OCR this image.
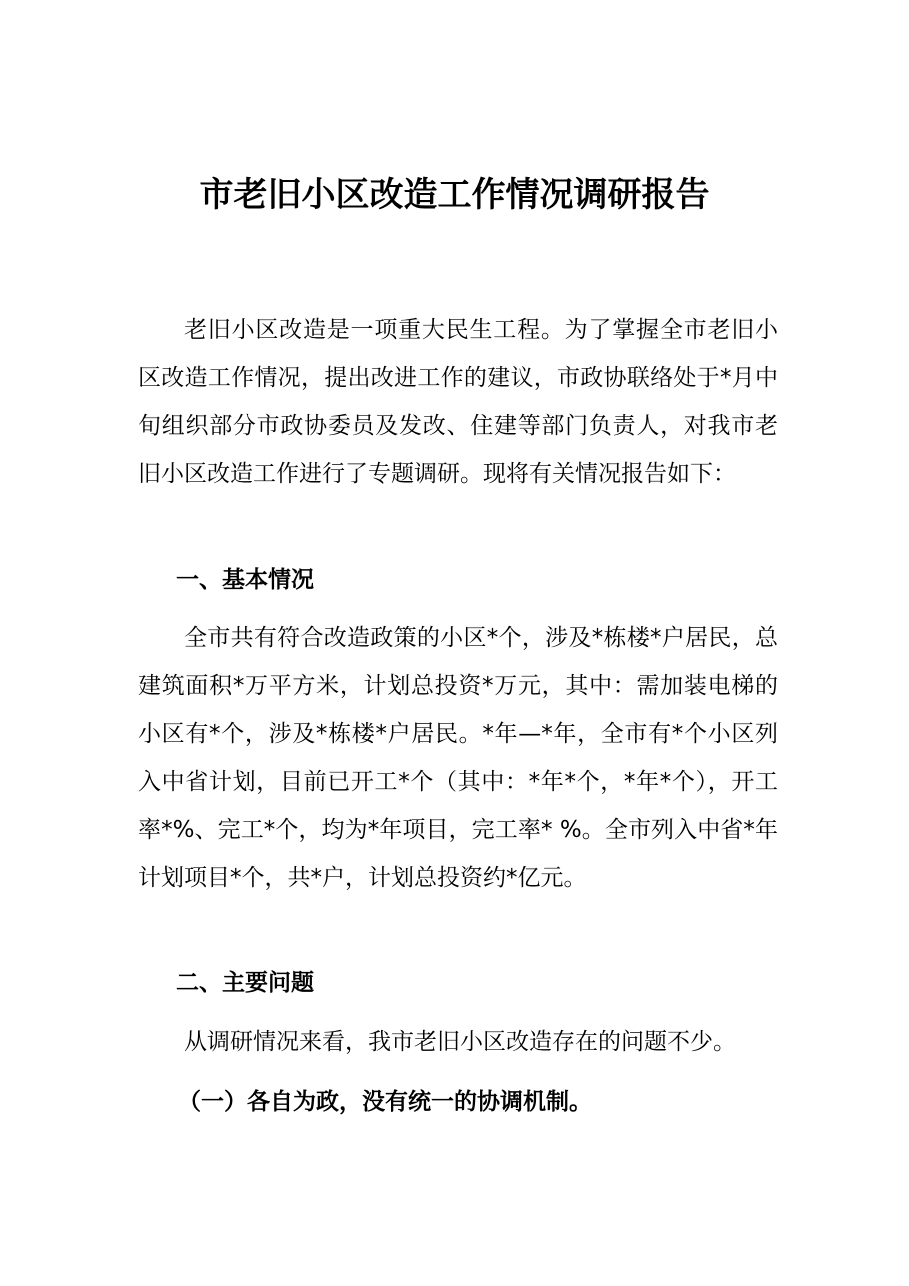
市老旧小区改造工作情况调研报告

老旧小区改造是一项重大民生工程。为了掌握全市老旧小区改造工作情况，提出改进工作的建议，市政协联络处于*月中旬组织部分市政协委员及发改、住建等部门负责人，对我市老旧小区改造工作进行了专题调研。现将有关情况报告如下：

一、基本情况

全市共有符合改造政策的小区*个，涉及*栋楼*户居民，总建筑面积*万平方米，计划总投资*万元，其中：需加装电梯的小区有*个，涉及*栋楼*户居民。*年—*年，全市有*个小区列入中省计划，目前已开工*个（其中：*年*个，*年*个），开工率*%、完工*个，均为*年项目，完工率* %。全市列入中省*年计划项目*个，共*户，计划总投资约*亿元。

二、主要问题

从调研情况来看，我市老旧小区改造存在的问题不少。

（一）各自为政，没有统一的协调机制。
